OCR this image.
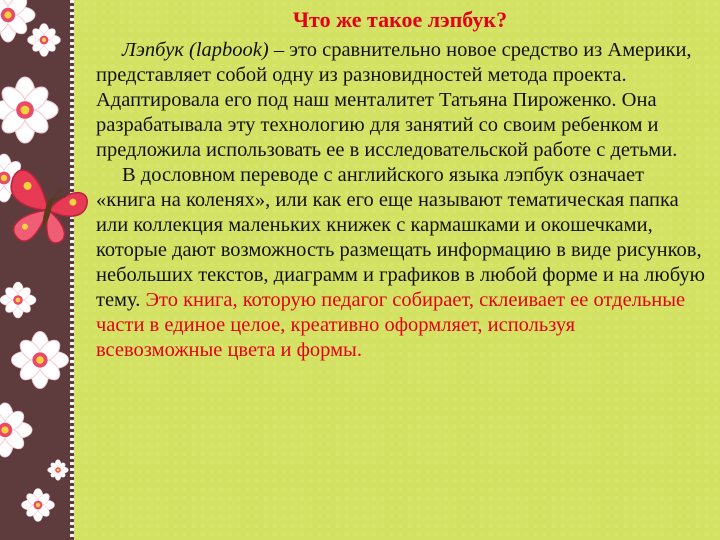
Что же такое лэпбук?
Лэпбук (lapbook) – это сравнительно новое средство из Америки, представляет собой одну из разновидностей метода проекта. Адаптировала его под наш менталитет Татьяна Пироженко. Она разрабатывала эту технологию для занятий со своим ребенком и предложила использовать ее в исследовательской работе с детьми.
В дословном переводе с английского языка лэпбук означает «книга на коленях», или как его еще называют тематическая папка или коллекция маленьких книжек с кармашками и окошечками, которые дают возможность размещать информацию в виде рисунков, небольших текстов, диаграмм и графиков в любой форме и на любую тему. Это книга, которую педагог собирает, склеивает ее отдельные части в единое целое, креативно оформляет, используя всевозможные цвета и формы.
